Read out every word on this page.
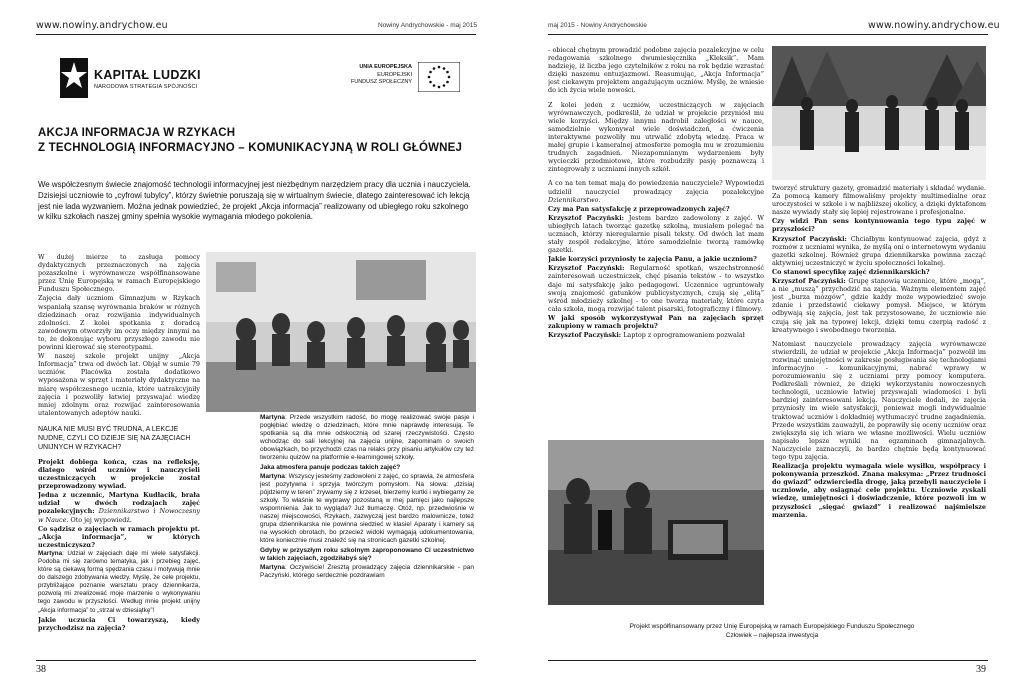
www.nowiny.andrychow.eu	Nowiny Andrychowskie - maj 2015
KAPITAŁ LUDZKI
NARODOWA STRATEGIA SPÓJNOŚCI
UNIA EUROPEJSKA
EUROPEJSKI
FUNDUSZ SPOŁECZNY
AKCJA INFORMACJA W RZYKACH
Z TECHNOLOGIĄ INFORMACYJNO – KOMUNIKACYJNĄ W ROLI GŁÓWNEJ
We współczesnym świecie znajomość technologii informacyjnej jest niezbędnym narzędziem pracy dla ucznia i nauczyciela. Dzisiejsi uczniowie to „cyfrowi tubylcy”, którzy świetnie poruszają się w wirtualnym świecie, dlatego zainteresować ich lekcją jest nie lada wyzwaniem. Można jednak powiedzieć, że projekt „Akcja informacja” realizowany od ubiegłego roku szkolnego w kilku szkołach naszej gminy spełnia wysokie wymagania młodego pokolenia.

W dużej mierze to zasługa pomocy dydaktycznych przeznaczonych na zajęcia pozaszkolne i wyrównawcze współfinansowane przez Unię Europejską w ramach Europejskiego Funduszu Społecznego.

Zajęcia dały uczniom Gimnazjum w Rzykach wspaniałą szansę wyrównania braków w różnych dziedzinach oraz rozwijania indywidualnych zdolności. Z kolei spotkania z doradcą zawodowym otworzyły im oczy między innymi na to, że dokonując wyboru przyszłego zawodu nie powinni kierować się stereotypami.

W naszej szkole projekt unijny „Akcja Informacja” trwa od dwóch lat. Objął w sumie 79 uczniów. Placówka została dodatkowo wyposażona w sprzęt i materiały dydaktyczne na miarę współczesnego ucznia, które uatrakcyjniły zajęcia i pozwoliły łatwiej przyswajać wiedzę mniej zdolnym oraz rozwijać zainteresowania utalentowanych adeptów nauki.

NAUKA NIE MUSI BYĆ TRUDNA, A LEKCJE NUDNE, CZYLI CO DZIEJE SIĘ NA ZAJĘCIACH UNIJNYCH W RZYKACH?

Projekt dobiega końca, czas na refleksję, dlatego wśród uczniów i nauczycieli uczestniczących w projekcie został przeprowadzony wywiad.

Jedna z uczennic, Martyna Kudłacik, brała udział w dwóch rodzajach zajęć pozalekcyjnych: Dziennikarstwo i Nowoczesny w Nauce. Oto jej wypowiedź.

Co sądzisz o zajęciach w ramach projektu pt. „Akcja informacja”, w których uczestniczyszα?

Martyna: Udział w zajęciach daje mi wiele satysfakcji. Podoba mi się zarówno tematyka, jak i przebieg zajęć, które są ciekawą formą spędzania czasu i motywują mnie do dalszego zdobywania wiedzy. Myślę, że cele projektu, przybliżające poznanie warsztatu pracy dziennikarza, pozwolą mi zrealizować moje marzenie o wykonywaniu tego zawodu w przyszłości. Według mnie projekt unijny „Akcja informacja” to „strzał w dziesiątkę”!

Jakie uczucia Ci towarzyszą, kiedy przychodzisz na zajęcia?

Martyna: Przede wszystkim radość, bo mogę realizować swoje pasje i pogłębiać wiedzę o dziedzinach, które mnie naprawdę interesują. Te spotkania są dla mnie odskocznią od szarej rzeczywistości. Często wchodząc do sali lekcyjnej na zajęcia unijne, zapominam o swoich obowiązkach, bo przychodzi czas na relaks przy pisaniu artykułów czy też tworzeniu quizów na platformie e-learningowej szkoły.

Jaka atmosfera panuje podczas takich zajęć?

Martyna: Wszyscy jesteśmy zadowoleni z zajęć, co sprawia, że atmosfera jest pozytywna i sprzyja twórczym pomysłom. Na słowa: „dzisiaj pójdziemy w teren” zrywamy się z krzeseł, bierzemy kurtki i wybiegamy ze szkoły. To właśnie te wyprawy pozostaną w mej pamięci jako najlepsze wspomnienia. Jak to wygląda? Już tłumaczę. Otóż, np. przedwiośnie w naszej miejscowości, Rzykach, zazwyczaj jest bardzo malownicze, toteż grupa dziennikarska nie powinna siedzieć w klasie! Aparaty i kamery są na wysokich obrotach, bo przecież widoki wymagają udokumentowania, które koniecznie musi znaleźć się na stronicach gazetki szkolnej.

Gdyby w przyszłym roku szkolnym zaproponowano Ci uczestnictwo w takich zajęciach, zgodziłabyś się?

Martyna: Oczywiście! Zresztą prowadzący zajęcia dziennikarskie - pan Paczyński, którego serdecznie pozdrawiam

38
maj 2015 - Nowiny Andrychowskie	www.nowiny.andrychow.eu

- obiecał chętnym prowadzić podobne zajęcia pozalekcyjne w celu redagowania szkolnego dwumiesięcznika „Kleksik”. Mam nadzieję, iż liczba jego czytelników z roku na rok będzie wzrastać dzięki naszemu entuzjazmowi. Reasumując, „Akcja Informacja” jest ciekawym projektem angażującym uczniów. Myślę, że wniesie do ich życia wiele nowości.

Z kolei jeden z uczniów, uczestniczących w zajęciach wyrównawczych, podkreślił, że udział w projekcie przyniósł mu wiele korzyści. Między innymi nadrobił zaległości w nauce, samodzielnie wykonywał wiele doświadczeń, a ćwiczenia interaktywne pozwoliły mu utrwalić zdobytą wiedzę. Praca w małej grupie i kameralnej atmosferze pomogła mu w zrozumieniu trudnych zagadnień. Niezapomnianym wydarzeniem były wycieczki przedmiotowe, które rozbudziły pasję poznawczą i zintegrowały z uczniami innych szkół.

A co na ten temat mają do powiedzenia nauczyciele? Wypowiedzi udzielił nauczyciel prowadzący zajęcia pozalekcyjne Dziennikarstwo.

Czy ma Pan satysfakcję z przeprowadzonych zajęć?

Krzysztof Paczyński: Jestem bardzo zadowolony z zajęć. W ubiegłych latach tworząc gazetkę szkolną, musiałem polegać na uczniach, którzy nieregularnie pisali teksty. Od dwóch lat mam stały zespół redakcyjne, które samodzielnie tworzą ramówkę gazetki.

Jakie korzyści przyniosły te zajęcia Panu, a jakie uczniom?

Krzysztof Paczyński: Regularność spotkań, wszechstronność zainteresowań uczestniczek, chęć pisania tekstów - to wszystko daje mi satysfakcję jako pedagogowi. Uczennice ugruntowały swoją znajomość gatunków publicystycznych, czują się „elitą” wśród młodzieży szkolnej - to one tworzą materiały, które czyta cała szkoła, mogą rozwijać talent pisarski, fotograficzny i filmowy.

W jaki sposób wykorzystywał Pan na zajęciach sprzęt zakupiony w ramach projektu?

Krzysztof Paczyński: Laptop z oprogramowaniem pozwalał

tworzyć struktury gazety, gromadzić materiały i składać wydanie. Za pomocą kamery filmowaliśmy projekty multimedialne oraz uroczystości w szkole i w najbliższej okolicy, a dzięki dyktafonom nasze wywiady stały się lepiej rejestrowane i profesjonalne.

Czy widzi Pan sens kontynuowania tego typu zajęć w przyszłości?

Krzysztof Paczyński: Chciałbym kontynuować zajęcia, gdyż z rozmów z uczniami wynika, że myślą oni o internetowym wydaniu gazetki szkolnej. Również grupa dziennikarska powinna zacząć aktywniej uczestniczyć w życiu społeczności lokalnej.

Co stanowi specyfikę zajęć dziennikarskich?

Krzysztof Paczyński: Grupę stanowią uczennice, które „mogą”, a nie „muszą” przychodzić na zajęcia. Ważnym elementem zajęć jest „burza mózgów”, gdzie każdy może wypowiedzieć swoje zdanie i przedstawić ciekawy pomysł. Miejsce, w którym odbywają się zajęcia, jest tak przystosowane, że uczniowie nie czują się jak na typowej lekcji, dzięki temu czerpią radość z kreatywnego i swobodnego tworzenia.

Natomiast nauczyciele prowadzący zajęcia wyrównawcze stwierdzili, że udział w projekcie „Akcja Informacja” pozwolił im rozwinąć umiejętności w zakresie posługiwania się technologiami informacyjno - komunikacyjnymi, nabrać wprawy w porozumiewaniu się z uczniami przy pomocy komputera. Podkreślali również, że dzięki wykorzystaniu nowoczesnych technologii, uczniowie łatwiej przyswajali wiadomości i byli bardziej zainteresowani lekcją. Nauczyciele dodali, że zajęcia przyniosły im wiele satysfakcji, ponieważ mogli indywidualnie traktować uczniów i dokładniej wytłumaczyć trudne zagadnienia. Przede wszystkim zauważyli, że poprawiły się oceny uczniów oraz zwiększyła się ich wiara we własne możliwości. Wielu uczniów napisało lepsze wyniki na egzaminach gimnazjalnych. Nauczyciele zaznaczyli, że bardzo chętnie będą kontynuować tego typu zajęcia.

Realizacja projektu wymagała wiele wysiłku, współpracy i pokonywania przeszkód. Znana maksyma: „Przez trudności do gwiazd” odzwierciedla drogę, jaką przebyli nauczyciele i uczniowie, aby osiągnąć cele projektu. Uczniowie zyskali wiedzę, umiejętności i doświadczenie, które pozwoli im w przyszłości „sięgać gwiazd” i realizować najśmielsze marzenia.

Projekt współfinansowany przez Unię Europejską w ramach Europejskiego Funduszu Społecznego
Człowiek – najlepsza inwestycja
39
